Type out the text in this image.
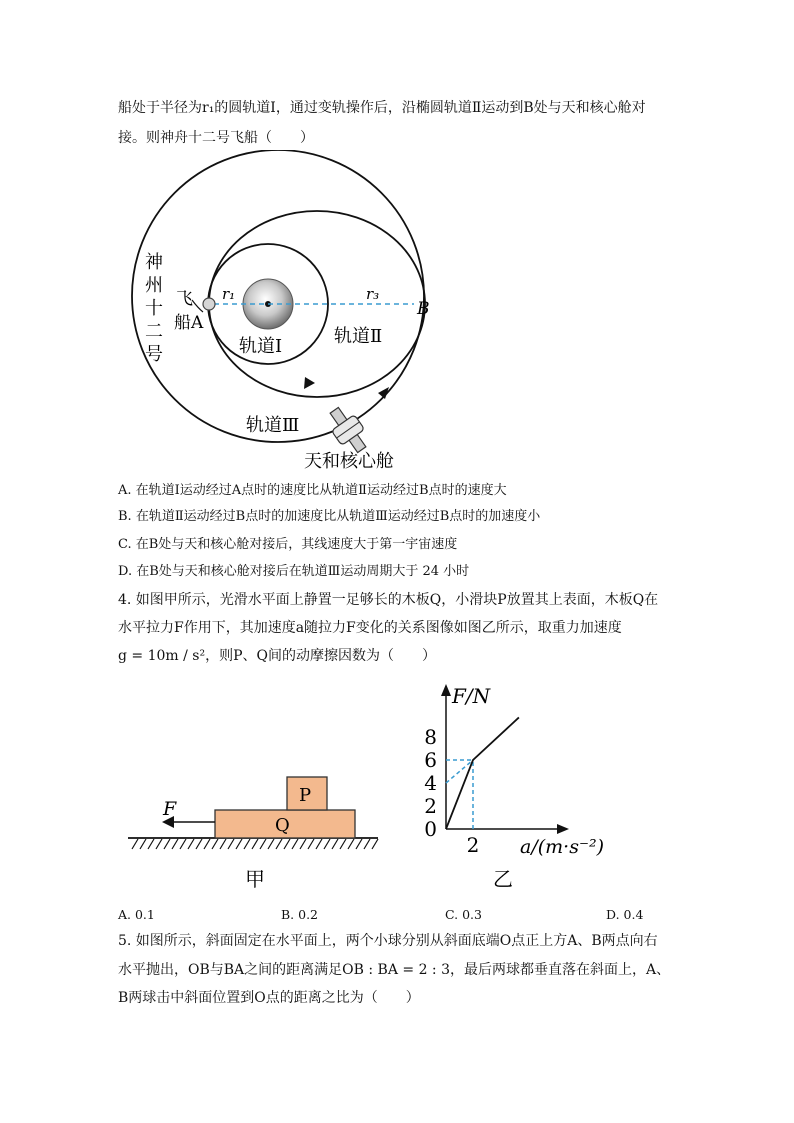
船处于半径为r₁的圆轨道Ⅰ，通过变轨操作后，沿椭圆轨道Ⅱ运动到B处与天和核心舱对
接。则神舟十二号飞船（　　）
神
州
十
二
号
飞
船A
r₁	r₃
B
轨道Ⅰ	轨道Ⅱ
轨道Ⅲ
天和核心舱
A. 在轨道Ⅰ运动经过A点时的速度比从轨道Ⅱ运动经过B点时的速度大
B. 在轨道Ⅱ运动经过B点时的加速度比从轨道Ⅲ运动经过B点时的加速度小
C. 在B处与天和核心舱对接后，其线速度大于第一宇宙速度
D. 在B处与天和核心舱对接后在轨道Ⅲ运动周期大于 24 小时
4. 如图甲所示，光滑水平面上静置一足够长的木板Q，小滑块P放置其上表面，木板Q在
水平拉力F作用下，其加速度a随拉力F变化的关系图像如图乙所示，取重力加速度
g = 10m / s²，则P、Q间的动摩擦因数为（　　）
F
P
Q
甲
F/N
a/(m·s⁻²)
0
2
4
6
8
2
乙
A. 0.1	B. 0.2	C. 0.3	D. 0.4
5. 如图所示，斜面固定在水平面上，两个小球分别从斜面底端O点正上方A、B两点向右
水平抛出，OB与BA之间的距离满足OB : BA = 2 : 3，最后两球都垂直落在斜面上，A、
B两球击中斜面位置到O点的距离之比为（　　）
